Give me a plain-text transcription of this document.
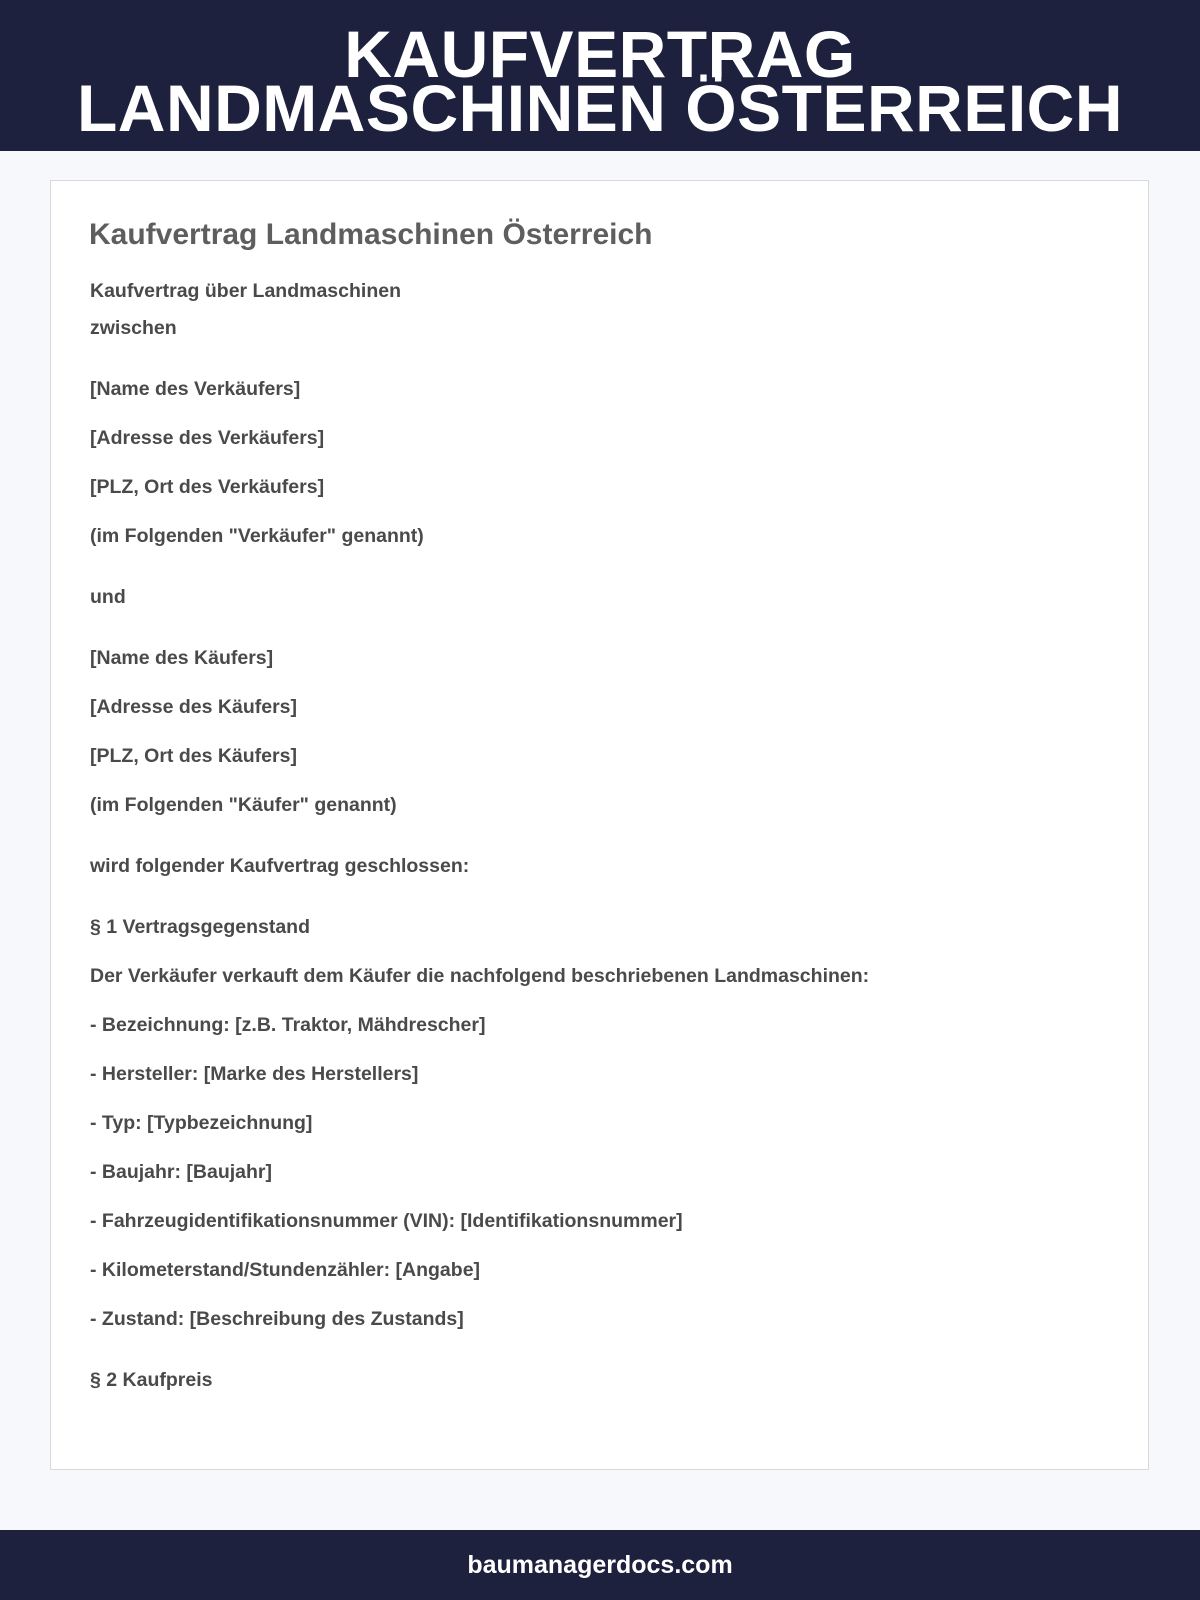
KAUFVERTRAG
LANDMASCHINEN ÖSTERREICH
Kaufvertrag Landmaschinen Österreich

Kaufvertrag über Landmaschinen

zwischen

[Name des Verkäufers]

[Adresse des Verkäufers]

[PLZ, Ort des Verkäufers]

(im Folgenden "Verkäufer" genannt)

und

[Name des Käufers]

[Adresse des Käufers]

[PLZ, Ort des Käufers]

(im Folgenden "Käufer" genannt)

wird folgender Kaufvertrag geschlossen:

§ 1 Vertragsgegenstand

Der Verkäufer verkauft dem Käufer die nachfolgend beschriebenen Landmaschinen:

- Bezeichnung: [z.B. Traktor, Mähdrescher]

- Hersteller: [Marke des Herstellers]

- Typ: [Typbezeichnung]

- Baujahr: [Baujahr]

- Fahrzeugidentifikationsnummer (VIN): [Identifikationsnummer]

- Kilometerstand/Stundenzähler: [Angabe]

- Zustand: [Beschreibung des Zustands]

§ 2 Kaufpreis

baumanagerdocs.com
